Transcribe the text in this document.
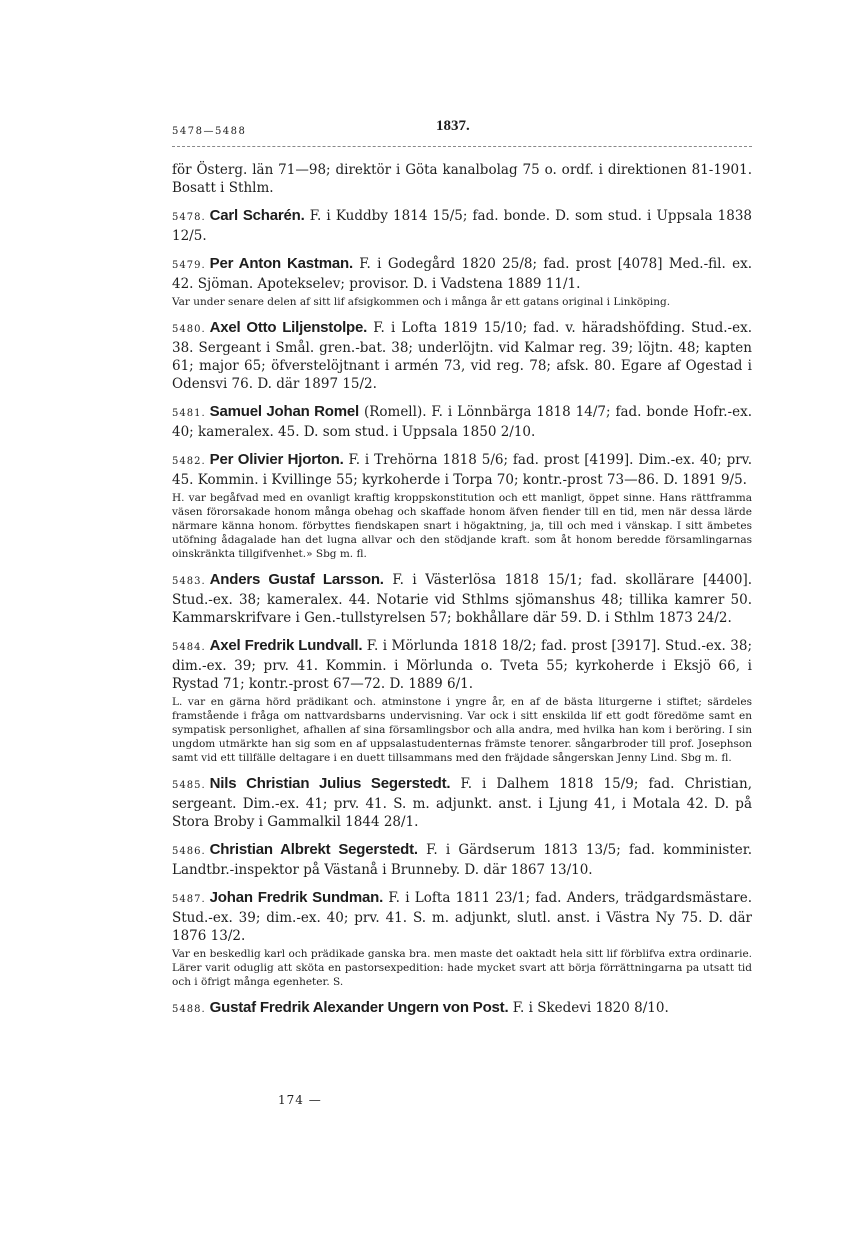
5478—5488	1837.

för Österg. län 71—98; direktör i Göta kanalbolag 75 o. ordf. i direktionen 81-1901. Bosatt i Sthlm.

5478. Carl Scharén. F. i Kuddby 1814 15/5; fad. bonde. D. som stud. i Uppsala 1838 12/5.

5479. Per Anton Kastman. F. i Godegård 1820 25/8; fad. prost [4078] Med.-fil. ex. 42. Sjöman. Apotekselev; provisor. D. i Vadstena 1889 11/1.

Var under senare delen af sitt lif afsigkommen och i många år ett gatans original i Linköping.

5480. Axel Otto Liljenstolpe. F. i Lofta 1819 15/10; fad. v. häradshöfding. Stud.-ex. 38. Sergeant i Smål. gren.-bat. 38; underlöjtn. vid Kalmar reg. 39; löjtn. 48; kapten 61; major 65; öfverstelöjtnant i armén 73, vid reg. 78; afsk. 80. Egare af Ogestad i Odensvi 76. D. där 1897 15/2.

5481. Samuel Johan Romel (Romell). F. i Lönnbärga 1818 14/7; fad. bonde Hofr.-ex. 40; kameralex. 45. D. som stud. i Uppsala 1850 2/10.

5482. Per Olivier Hjorton. F. i Trehörna 1818 5/6; fad. prost [4199]. Dim.-ex. 40; prv. 45. Kommin. i Kvillinge 55; kyrkoherde i Torpa 70; kontr.-prost 73—86. D. 1891 9/5.

H. var begåfvad med en ovanligt kraftig kroppskonstitution och ett manligt, öppet sinne. Hans rättframma väsen förorsakade honom många obehag och skaffade honom äfven fiender till en tid, men när dessa lärde närmare känna honom. förbyttes fiendskapen snart i högaktning, ja, till och med i vänskap. I sitt ämbetes utöfning ådagalade han det lugna allvar och den stödjande kraft. som åt honom beredde församlingarnas oinskränkta tillgifvenhet.» Sbg m. fl.

5483. Anders Gustaf Larsson. F. i Västerlösa 1818 15/1; fad. skollärare [4400]. Stud.-ex. 38; kameralex. 44. Notarie vid Sthlms sjömanshus 48; tillika kamrer 50. Kammarskrifvare i Gen.-tullstyrelsen 57; bokhållare där 59. D. i Sthlm 1873 24/2.

5484. Axel Fredrik Lundvall. F. i Mörlunda 1818 18/2; fad. prost [3917]. Stud.-ex. 38; dim.-ex. 39; prv. 41. Kommin. i Mörlunda o. Tveta 55; kyrkoherde i Eksjö 66, i Rystad 71; kontr.-prost 67—72. D. 1889 6/1.

L. var en gärna hörd prädikant och. atminstone i yngre år, en af de bästa liturgerne i stiftet; särdeles framstående i fråga om nattvardsbarns undervisning. Var ock i sitt enskilda lif ett godt föredöme samt en sympatisk personlighet, afhallen af sina församlingsbor och alla andra, med hvilka han kom i beröring. I sin ungdom utmärkte han sig som en af uppsalastudenternas främste tenorer. sångarbroder till prof. Josephson samt vid ett tillfälle deltagare i en duett tillsammans med den fräjdade sångerskan Jenny Lind. Sbg m. fl.

5485. Nils Christian Julius Segerstedt. F. i Dalhem 1818 15/9; fad. Christian, sergeant. Dim.-ex. 41; prv. 41. S. m. adjunkt. anst. i Ljung 41, i Motala 42. D. på Stora Broby i Gammalkil 1844 28/1.

5486. Christian Albrekt Segerstedt. F. i Gärdserum 1813 13/5; fad. komminister. Landtbr.-inspektor på Västanå i Brunneby. D. där 1867 13/10.

5487. Johan Fredrik Sundman. F. i Lofta 1811 23/1; fad. Anders, trädgardsmästare. Stud.-ex. 39; dim.-ex. 40; prv. 41. S. m. adjunkt, slutl. anst. i Västra Ny 75. D. där 1876 13/2.

Var en beskedlig karl och prädikade ganska bra. men maste det oaktadt hela sitt lif förblifva extra ordinarie. Lärer varit oduglig att sköta en pastorsexpedition: hade mycket svart att börja förrättningarna pa utsatt tid och i öfrigt många egenheter. S.

5488. Gustaf Fredrik Alexander Ungern von Post. F. i Skedevi 1820 8/10.

174 —
